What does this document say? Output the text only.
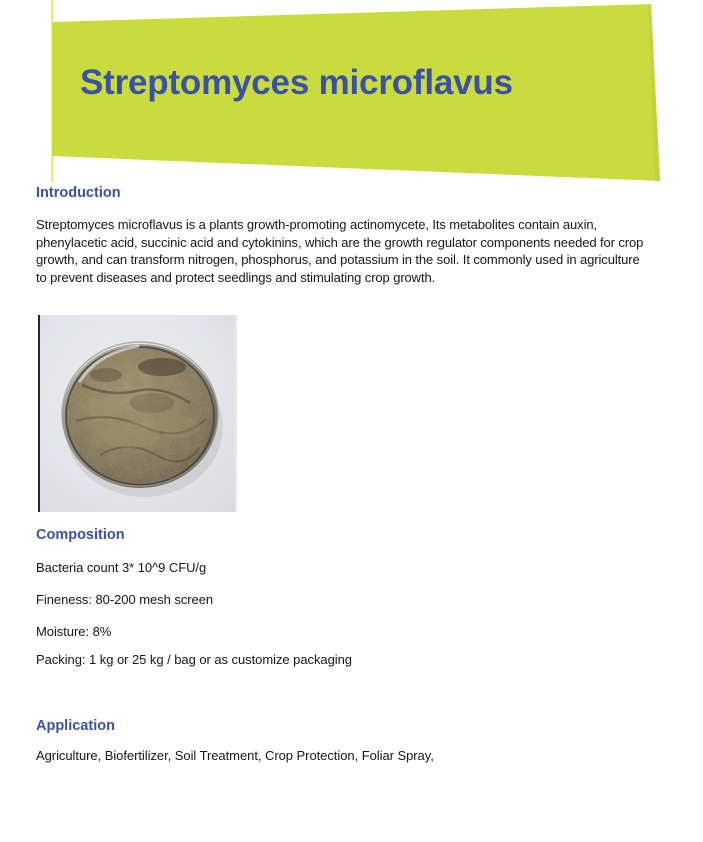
Streptomyces microflavus
Introduction
Streptomyces microflavus is a plants growth-promoting actinomycete, Its metabolites contain auxin, phenylacetic acid, succinic acid and cytokinins, which are the growth regulator components needed for crop growth, and can transform nitrogen, phosphorus, and potassium in the soil. It commonly used in agriculture to prevent diseases and protect seedlings and stimulating crop growth.
Composition
Bacteria count 3* 10^9 CFU/g
Fineness: 80-200 mesh screen
Moisture: 8%
Packing: 1 kg or 25 kg / bag or as customize packaging
Application
Agriculture, Biofertilizer, Soil Treatment, Crop Protection, Foliar Spray,
